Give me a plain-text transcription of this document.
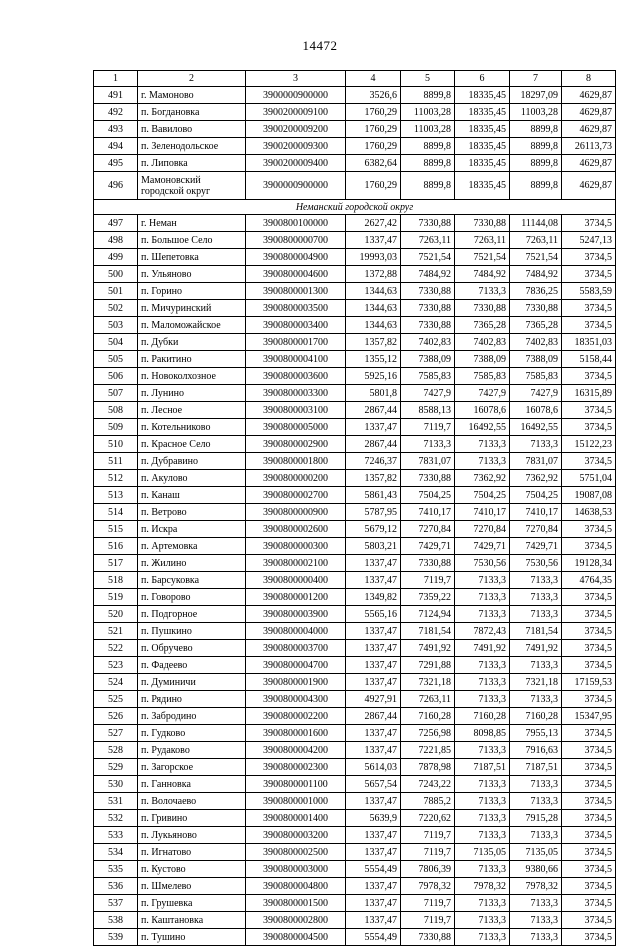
14472
1	2	3	4	5	6	7	8
491	г. Мамоново	3900000900000	3526,6	8899,8	18335,45	18297,09	4629,87
492	п. Богдановка	3900200009100	1760,29	11003,28	18335,45	11003,28	4629,87
493	п. Вавилово	3900200009200	1760,29	11003,28	18335,45	8899,8	4629,87
494	п. Зеленодольское	3900200009300	1760,29	8899,8	18335,45	8899,8	26113,73
495	п. Липовка	3900200009400	6382,64	8899,8	18335,45	8899,8	4629,87
496	Мамоновский городской округ	3900000900000	1760,29	8899,8	18335,45	8899,8	4629,87
Неманский городской округ							
497	г. Неман	3900800100000	2627,42	7330,88	7330,88	11144,08	3734,5
498	п. Большое Село	3900800000700	1337,47	7263,11	7263,11	7263,11	5247,13
499	п. Шепетовка	3900800004900	19993,03	7521,54	7521,54	7521,54	3734,5
500	п. Ульяново	3900800004600	1372,88	7484,92	7484,92	7484,92	3734,5
501	п. Горино	3900800001300	1344,63	7330,88	7133,3	7836,25	5583,59
502	п. Мичуринский	3900800003500	1344,63	7330,88	7330,88	7330,88	3734,5
503	п. Маломожайское	3900800003400	1344,63	7330,88	7365,28	7365,28	3734,5
504	п. Дубки	3900800001700	1357,82	7402,83	7402,83	7402,83	18351,03
505	п. Ракитино	3900800004100	1355,12	7388,09	7388,09	7388,09	5158,44
506	п. Новоколхозное	3900800003600	5925,16	7585,83	7585,83	7585,83	3734,5
507	п. Лунино	3900800003300	5801,8	7427,9	7427,9	7427,9	16315,89
508	п. Лесное	3900800003100	2867,44	8588,13	16078,6	16078,6	3734,5
509	п. Котельниково	3900800005000	1337,47	7119,7	16492,55	16492,55	3734,5
510	п. Красное Село	3900800002900	2867,44	7133,3	7133,3	7133,3	15122,23
511	п. Дубравино	3900800001800	7246,37	7831,07	7133,3	7831,07	3734,5
512	п. Акулово	3900800000200	1357,82	7330,88	7362,92	7362,92	5751,04
513	п. Канаш	3900800002700	5861,43	7504,25	7504,25	7504,25	19087,08
514	п. Ветрово	3900800000900	5787,95	7410,17	7410,17	7410,17	14638,53
515	п. Искра	3900800002600	5679,12	7270,84	7270,84	7270,84	3734,5
516	п. Артемовка	3900800000300	5803,21	7429,71	7429,71	7429,71	3734,5
517	п. Жилино	3900800002100	1337,47	7330,88	7530,56	7530,56	19128,34
518	п. Барсуковка	3900800000400	1337,47	7119,7	7133,3	7133,3	4764,35
519	п. Говорово	3900800001200	1349,82	7359,22	7133,3	7133,3	3734,5
520	п. Подгорное	3900800003900	5565,16	7124,94	7133,3	7133,3	3734,5
521	п. Пушкино	3900800004000	1337,47	7181,54	7872,43	7181,54	3734,5
522	п. Обручево	3900800003700	1337,47	7491,92	7491,92	7491,92	3734,5
523	п. Фадеево	3900800004700	1337,47	7291,88	7133,3	7133,3	3734,5
524	п. Думиничи	3900800001900	1337,47	7321,18	7133,3	7321,18	17159,53
525	п. Рядино	3900800004300	4927,91	7263,11	7133,3	7133,3	3734,5
526	п. Забродино	3900800002200	2867,44	7160,28	7160,28	7160,28	15347,95
527	п. Гудково	3900800001600	1337,47	7256,98	8098,85	7955,13	3734,5
528	п. Рудаково	3900800004200	1337,47	7221,85	7133,3	7916,63	3734,5
529	п. Загорское	3900800002300	5614,03	7878,98	7187,51	7187,51	3734,5
530	п. Ганновка	3900800001100	5657,54	7243,22	7133,3	7133,3	3734,5
531	п. Волочаево	3900800001000	1337,47	7885,2	7133,3	7133,3	3734,5
532	п. Гривино	3900800001400	5639,9	7220,62	7133,3	7915,28	3734,5
533	п. Лукьяново	3900800003200	1337,47	7119,7	7133,3	7133,3	3734,5
534	п. Игнатово	3900800002500	1337,47	7119,7	7135,05	7135,05	3734,5
535	п. Кустово	3900800003000	5554,49	7806,39	7133,3	9380,66	3734,5
536	п. Шмелево	3900800004800	1337,47	7978,32	7978,32	7978,32	3734,5
537	п. Грушевка	3900800001500	1337,47	7119,7	7133,3	7133,3	3734,5
538	п. Каштановка	3900800002800	1337,47	7119,7	7133,3	7133,3	3734,5
539	п. Тушино	3900800004500	5554,49	7330,88	7133,3	7133,3	3734,5
